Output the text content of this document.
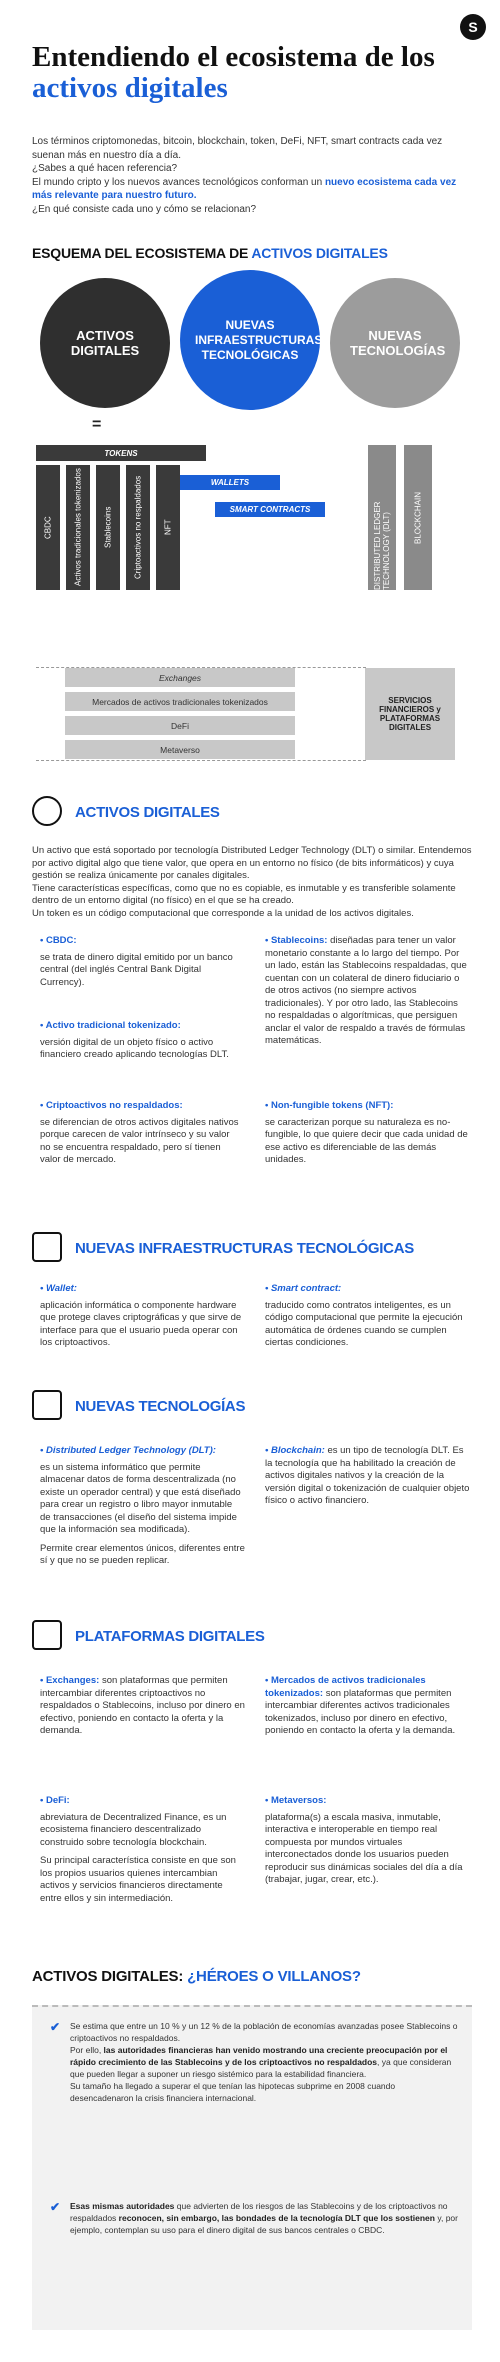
S
Entendiendo el ecosistema de los
activos digitales
Los términos criptomonedas, bitcoin, blockchain, token, DeFi, NFT, smart contracts cada vez suenan más en nuestro día a día.
¿Sabes a qué hacen referencia?
El mundo cripto y los nuevos avances tecnológicos conforman un nuevo ecosistema cada vez más relevante para nuestro futuro.
¿En qué consiste cada uno y cómo se relacionan?
ESQUEMA DEL ECOSISTEMA DE ACTIVOS DIGITALES
ACTIVOS DIGITALES
NUEVAS TECNOLOGÍAS
NUEVAS INFRAESTRUCTURAS TECNOLÓGICAS
=
TOKENS
CBDC	Activos tradicionales tokenizados	Stablecoins	Criptoactivos no respaldados	NFT
WALLETS
SMART CONTRACTS	DISTRIBUTED LEDGER TECHNOLOGY (DLT)	BLOCKCHAIN
Exchanges
Mercados de activos tradicionales tokenizados
DeFi
Metaverso
SERVICIOS FINANCIEROS y PLATAFORMAS DIGITALES
ACTIVOS DIGITALES
Un activo que está soportado por tecnología Distributed Ledger Technology (DLT) o similar. Entendemos por activo digital algo que tiene valor, que opera en un entorno no físico (de bits informáticos) y cuya gestión se realiza únicamente por canales digitales.
Tiene características específicas, como que no es copiable, es inmutable y es transferible solamente dentro de un entorno digital (no físico) en el que se ha creado.
Un token es un código computacional que corresponde a la unidad de los activos digitales.
• CBDC:
se trata de dinero digital emitido por un banco central (del inglés Central Bank Digital Currency).
• Activo tradicional tokenizado:
versión digital de un objeto físico o activo financiero creado aplicando tecnologías DLT.
• Criptoactivos no respaldados:
se diferencian de otros activos digitales nativos porque carecen de valor intrínseco y su valor no se encuentra respaldado, pero sí tienen valor de mercado.
• Stablecoins: diseñadas para tener un valor monetario constante a lo largo del tiempo. Por un lado, están las Stablecoins respaldadas, que cuentan con un colateral de dinero fiduciario o de otros activos (no siempre activos tradicionales). Y por otro lado, las Stablecoins no respaldadas o algorítmicas, que persiguen anclar el valor de respaldo a través de fórmulas matemáticas.
• Non-fungible tokens (NFT):
se caracterizan porque su naturaleza es no-fungible, lo que quiere decir que cada unidad de ese activo es diferenciable de las demás unidades.
NUEVAS INFRAESTRUCTURAS TECNOLÓGICAS
• Wallet:
aplicación informática o componente hardware que protege claves criptográficas y que sirve de interface para que el usuario pueda operar con los criptoactivos.
• Smart contract:
traducido como contratos inteligentes, es un código computacional que permite la ejecución automática de órdenes cuando se cumplen ciertas condiciones.
NUEVAS TECNOLOGÍAS
• Distributed Ledger Technology (DLT):
es un sistema informático que permite almacenar datos de forma descentralizada (no existe un operador central) y que está diseñado para crear un registro o libro mayor inmutable de transacciones (el diseño del sistema impide que la información sea modificada).
Permite crear elementos únicos, diferentes entre sí y que no se pueden replicar.
• Blockchain: es un tipo de tecnología DLT. Es la tecnología que ha habilitado la creación de activos digitales nativos y la creación de la versión digital o tokenización de cualquier objeto físico o activo financiero.
PLATAFORMAS DIGITALES
• Exchanges: son plataformas que permiten intercambiar diferentes criptoactivos no respaldados o Stablecoins, incluso por dinero en efectivo, poniendo en contacto la oferta y la demanda.
• Mercados de activos tradicionales tokenizados: son plataformas que permiten intercambiar diferentes activos tradicionales tokenizados, incluso por dinero en efectivo, poniendo en contacto la oferta y la demanda.
• DeFi:
abreviatura de Decentralized Finance, es un ecosistema financiero descentralizado construido sobre tecnología blockchain.
Su principal característica consiste en que son los propios usuarios quienes intercambian activos y servicios financieros directamente entre ellos y sin intermediación.
• Metaversos:
plataforma(s) a escala masiva, inmutable, interactiva e interoperable en tiempo real compuesta por mundos virtuales interconectados donde los usuarios pueden reproducir sus dinámicas sociales del día a día (trabajar, jugar, crear, etc.).
ACTIVOS DIGITALES: ¿HÉROES O VILLANOS?
✔ Se estima que entre un 10 % y un 12 % de la población de economías avanzadas posee Stablecoins o criptoactivos no respaldados.
Por ello, las autoridades financieras han venido mostrando una creciente preocupación por el rápido crecimiento de las Stablecoins y de los criptoactivos no respaldados, ya que consideran que pueden llegar a suponer un riesgo sistémico para la estabilidad financiera.
Su tamaño ha llegado a superar el que tenían las hipotecas subprime en 2008 cuando desencadenaron la crisis financiera internacional.
✔ Esas mismas autoridades que advierten de los riesgos de las Stablecoins y de los criptoactivos no respaldados reconocen, sin embargo, las bondades de la tecnología DLT que los sostienen y, por ejemplo, contemplan su uso para el dinero digital de sus bancos centrales o CBDC.
